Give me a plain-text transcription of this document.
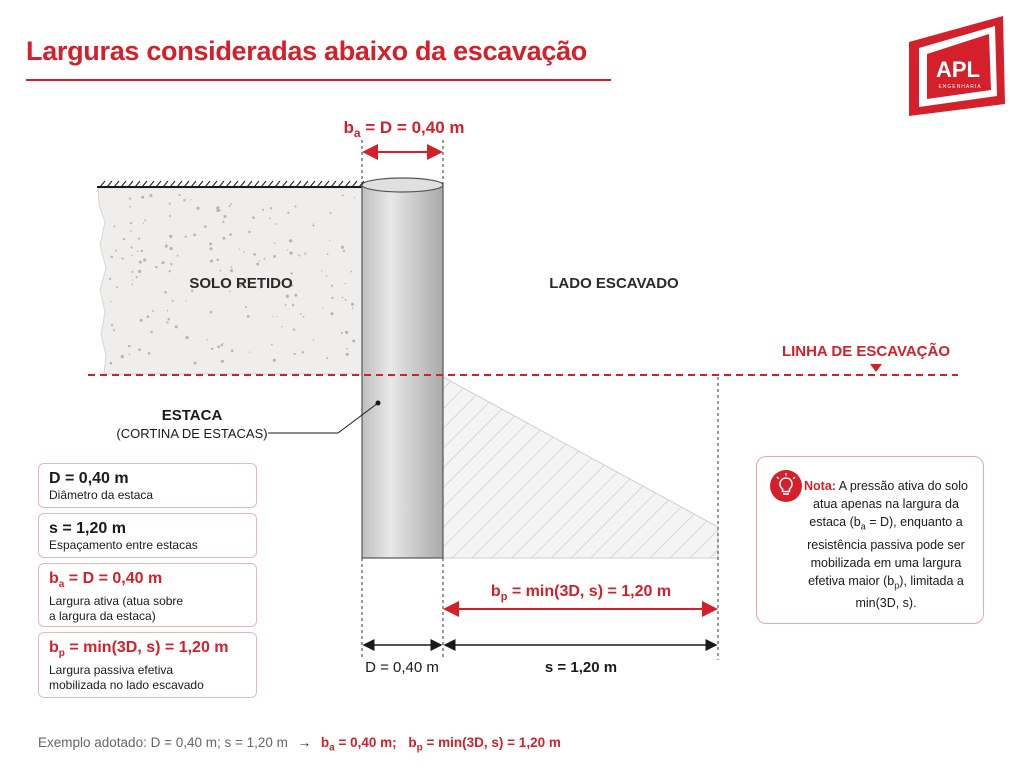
Larguras consideradas abaixo da escavação
APL
ENGENHARIA
$b_a = D = 0,40$ m
SOLO RETIDO	LADO ESCAVADO
LINHA DE ESCAVAÇÃO
ESTACA
(CORTINA DE ESTACAS)
$b_p = \min(3D$, s) = 1,20 m
D = 0,40 m	s = 1,20 m
D = 0,40 m
Diâmetro da estaca
s = 1,20 m
Espaçamento entre estacas
$b_a = D = 0,40$ m
Largura ativa (atua sobre
a largura da estaca)
$b_p = \min(3D$, s) = 1,20 m
Largura passiva efetiva
mobilizada no lado escavado
Nota: A pressão ativa do solo atua apenas na largura da estaca $(b_a = D)$, enquanto a resistência passiva pode ser mobilizada em uma largura efetiva maior $(b_p)$, limitada a min(3D, s).
Exemplo adotado: D = 0,40 m; s = 1,20 $m \to b_a = 0,40$ m; $b_p = \min(3D$, s) = 1,20 m
